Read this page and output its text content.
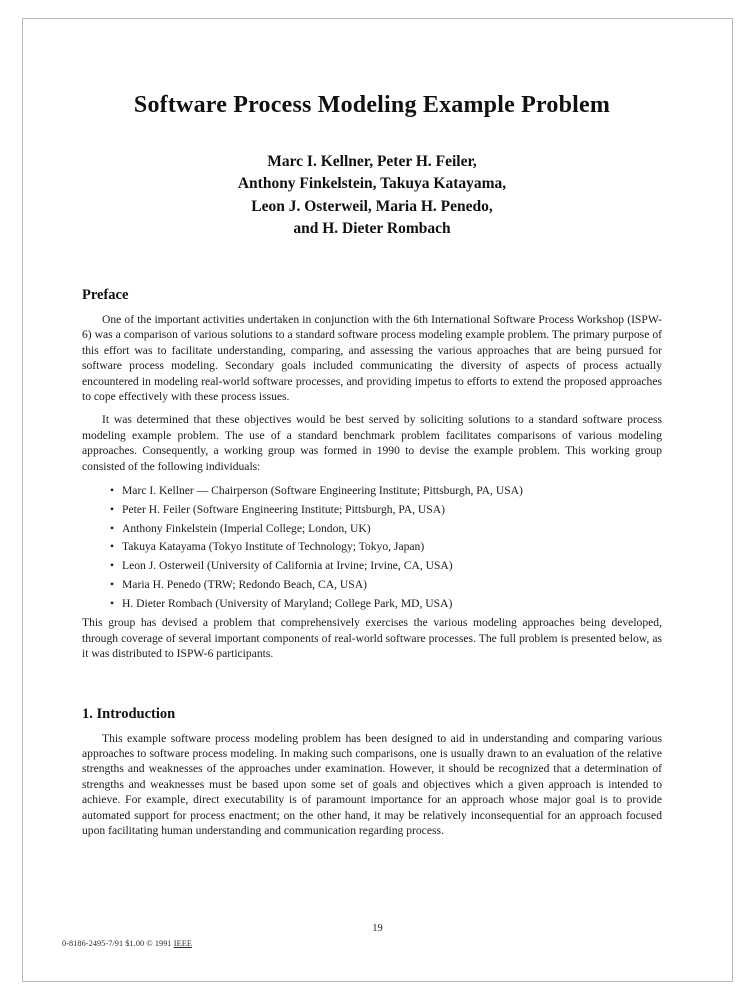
Software Process Modeling Example Problem
Marc I. Kellner, Peter H. Feiler,
Anthony Finkelstein, Takuya Katayama,
Leon J. Osterweil, Maria H. Penedo,
and H. Dieter Rombach
Preface

One of the important activities undertaken in conjunction with the 6th International Software Process Workshop (ISPW-6) was a comparison of various solutions to a standard software process modeling example problem. The primary purpose of this effort was to facilitate understanding, comparing, and assessing the various approaches that are being pursued for software process modeling. Secondary goals included communicating the diversity of aspects of process actually encountered in modeling real-world software processes, and providing impetus to efforts to extend the proposed approaches to cope effectively with these process issues.

It was determined that these objectives would be best served by soliciting solutions to a standard software process modeling example problem. The use of a standard benchmark problem facilitates comparisons of various modeling approaches. Consequently, a working group was formed in 1990 to devise the example problem. This working group consisted of the following individuals:

• Marc I. Kellner — Chairperson (Software Engineering Institute; Pittsburgh, PA, USA)
• Peter H. Feiler (Software Engineering Institute; Pittsburgh, PA, USA)
• Anthony Finkelstein (Imperial College; London, UK)
• Takuya Katayama (Tokyo Institute of Technology; Tokyo, Japan)
• Leon J. Osterweil (University of California at Irvine; Irvine, CA, USA)
• Maria H. Penedo (TRW; Redondo Beach, CA, USA)
• H. Dieter Rombach (University of Maryland; College Park, MD, USA)

This group has devised a problem that comprehensively exercises the various modeling approaches being developed, through coverage of several important components of real-world software processes. The full problem is presented below, as it was distributed to ISPW-6 participants.

1. Introduction

This example software process modeling problem has been designed to aid in understanding and comparing various approaches to software process modeling. In making such comparisons, one is usually drawn to an evaluation of the relative strengths and weaknesses of the approaches under examination. However, it should be recognized that a determination of strengths and weaknesses must be based upon some set of goals and objectives which a given approach is intended to achieve. For example, direct executability is of paramount importance for an approach whose major goal is to provide automated support for process enactment; on the other hand, it may be relatively inconsequential for an approach focused upon facilitating human understanding and communication regarding process.

0-8186-2495-7/91 $1.00 © 1991 IEEE
19
